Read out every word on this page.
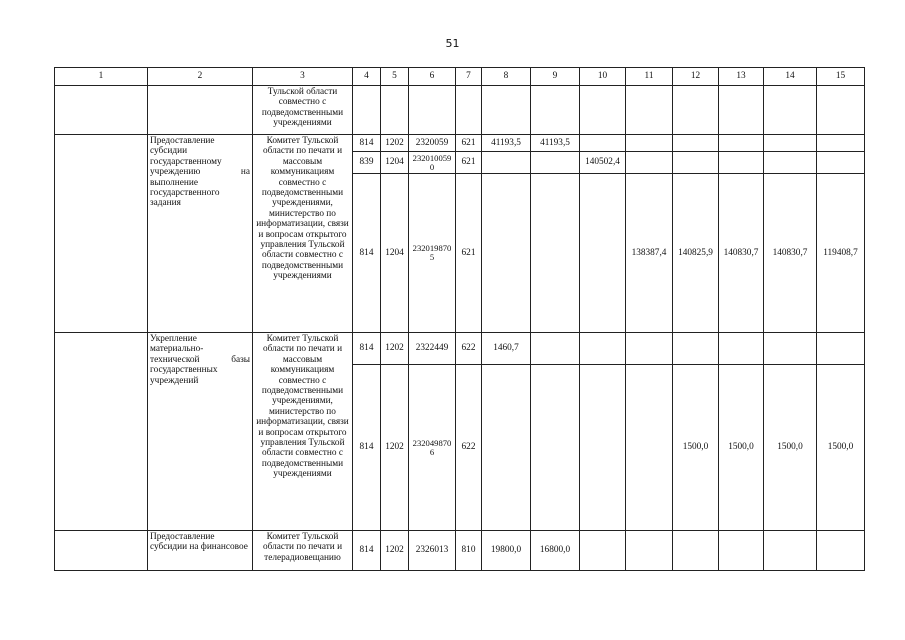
51
1	2	3	4	5	6	7	8	9	10	11	12	13	14	15
		Тульской области совместно с подведомственными учреждениями												
	Предоставление субсидии государственному учреждению на выполнение государственного задания	Комитет Тульской области по печати и массовым коммуникациям совместно с подведомственными учреждениями, министерство по информатизации, связи и вопросам открытого управления Тульской области совместно с подведомственными учреждениями	814	1202	2320059	621	41193,5	41193,5						
			839	1204	2320100590	621			140502,4					
			814	1204	2320198705	621				138387,4	140825,9	140830,7	140830,7	119408,7
	Укрепление материально-технической базы государственных учреждений	Комитет Тульской области по печати и массовым коммуникациям совместно с подведомственными учреждениями, министерство по информатизации, связи и вопросам открытого управления Тульской области совместно с подведомственными учреждениями	814	1202	2322449	622	1460,7							
			814	1202	2320498706	622					1500,0	1500,0	1500,0	1500,0
	Предоставление субсидии на финансовое	Комитет Тульской области по печати и телерадиовещанию	814	1202	2326013	810	19800,0	16800,0						
